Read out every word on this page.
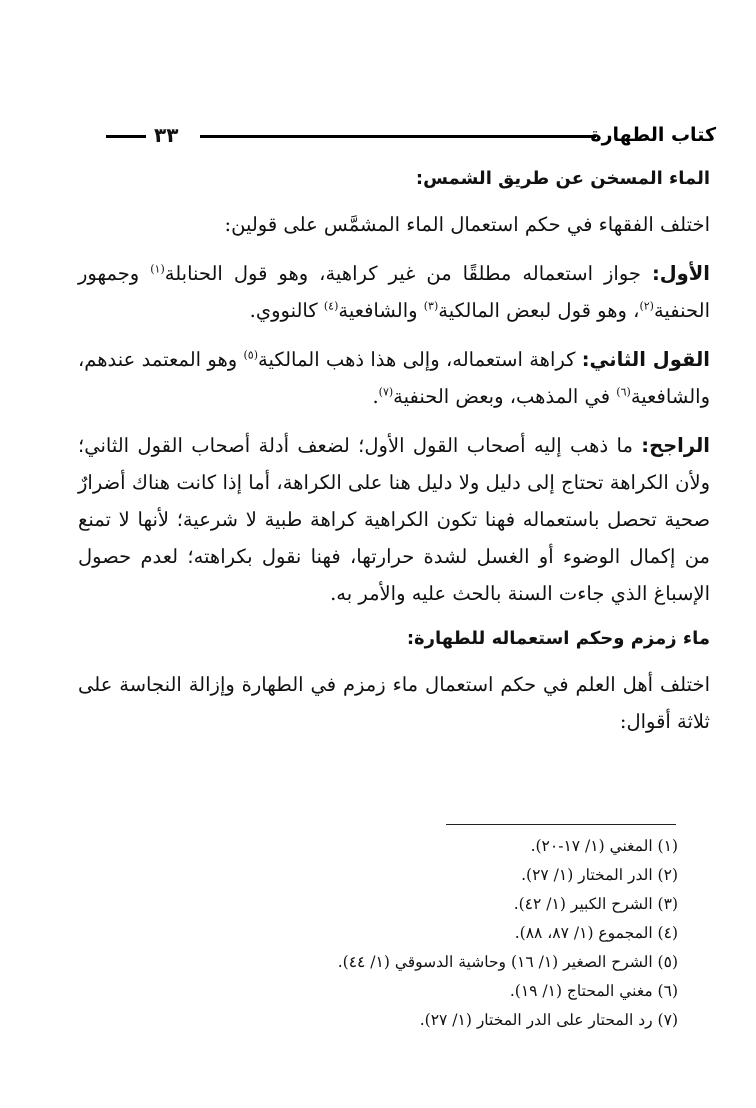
كتاب الطهارة
٣٣
الماء المسخن عن طريق الشمس:

اختلف الفقهاء في حكم استعمال الماء المشمَّس على قولين:

الأول: جواز استعماله مطلقًا من غير كراهية، وهو قول الحنابلة$^{(١)}$ وجمهور الحنفية$^{(٢)}$، وهو قول لبعض المالكية$^{(٣)}$ والشافعية$^{(٤)}$ كالنووي.

القول الثاني: كراهة استعماله، وإلى هذا ذهب المالكية$^{(٥)}$ وهو المعتمد عندهم، والشافعية$^{(٦)}$ في المذهب، وبعض الحنفية$^{(٧)}$.

الراجح: ما ذهب إليه أصحاب القول الأول؛ لضعف أدلة أصحاب القول الثاني؛ ولأن الكراهة تحتاج إلى دليل ولا دليل هنا على الكراهة، أما إذا كانت هناك أضرارٌ صحية تحصل باستعماله فهنا تكون الكراهية كراهة طبية لا شرعية؛ لأنها لا تمنع من إكمال الوضوء أو الغسل لشدة حرارتها، فهنا نقول بكراهته؛ لعدم حصول الإسباغ الذي جاءت السنة بالحث عليه والأمر به.

ماء زمزم وحكم استعماله للطهارة:

اختلف أهل العلم في حكم استعمال ماء زمزم في الطهارة وإزالة النجاسة على ثلاثة أقوال:

(١) المغني (١/ ١٧-٢٠).

(٢) الدر المختار (١/ ٢٧).

(٣) الشرح الكبير (١/ ٤٢).

(٤) المجموع (١/ ٨٧، ٨٨).

(٥) الشرح الصغير (١/ ١٦) وحاشية الدسوقي (١/ ٤٤).

(٦) مغني المحتاج (١/ ١٩).

(٧) رد المحتار على الدر المختار (١/ ٢٧).
